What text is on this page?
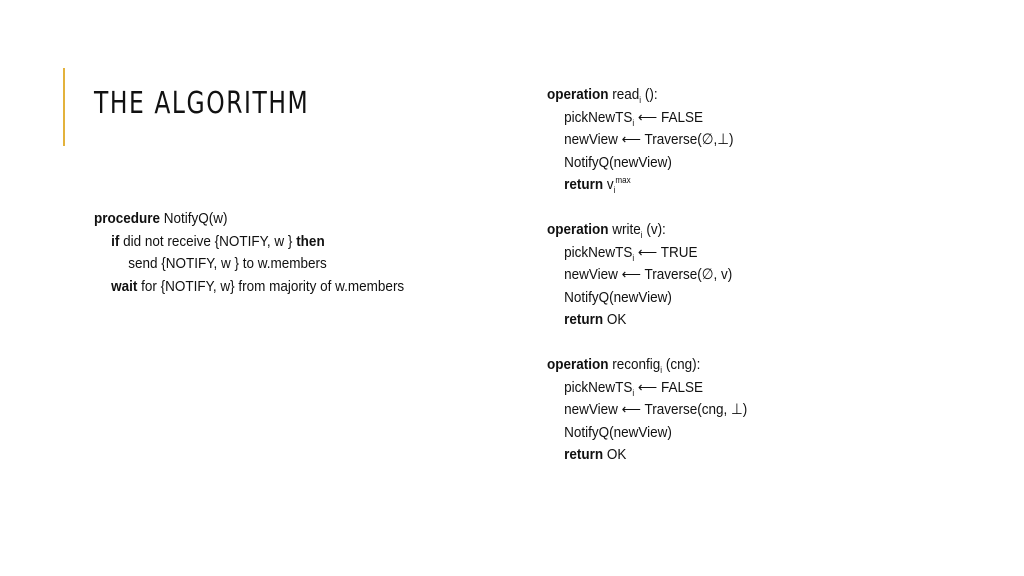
THE ALGORITHM
procedure NotifyQ(w)
if did not receive {NOTIFY, w } then
send {NOTIFY, w } to w.members
wait for {NOTIFY, w} from majority of w.members
operation read$_i$ ():
pickNewTS$_i$ ⟵ FALSE
newView ⟵ Traverse(∅,⊥)
NotifyQ(newView)
return $v_i^{max}$
operation write$_i$ (v):
pickNewTS$_i$ ⟵ TRUE
newView ⟵ Traverse(∅, v)
NotifyQ(newView)
return OK
operation reconfig$_i$ (cng):
pickNewTS$_i$ ⟵ FALSE
newView ⟵ Traverse(cng, ⊥)
NotifyQ(newView)
return OK
